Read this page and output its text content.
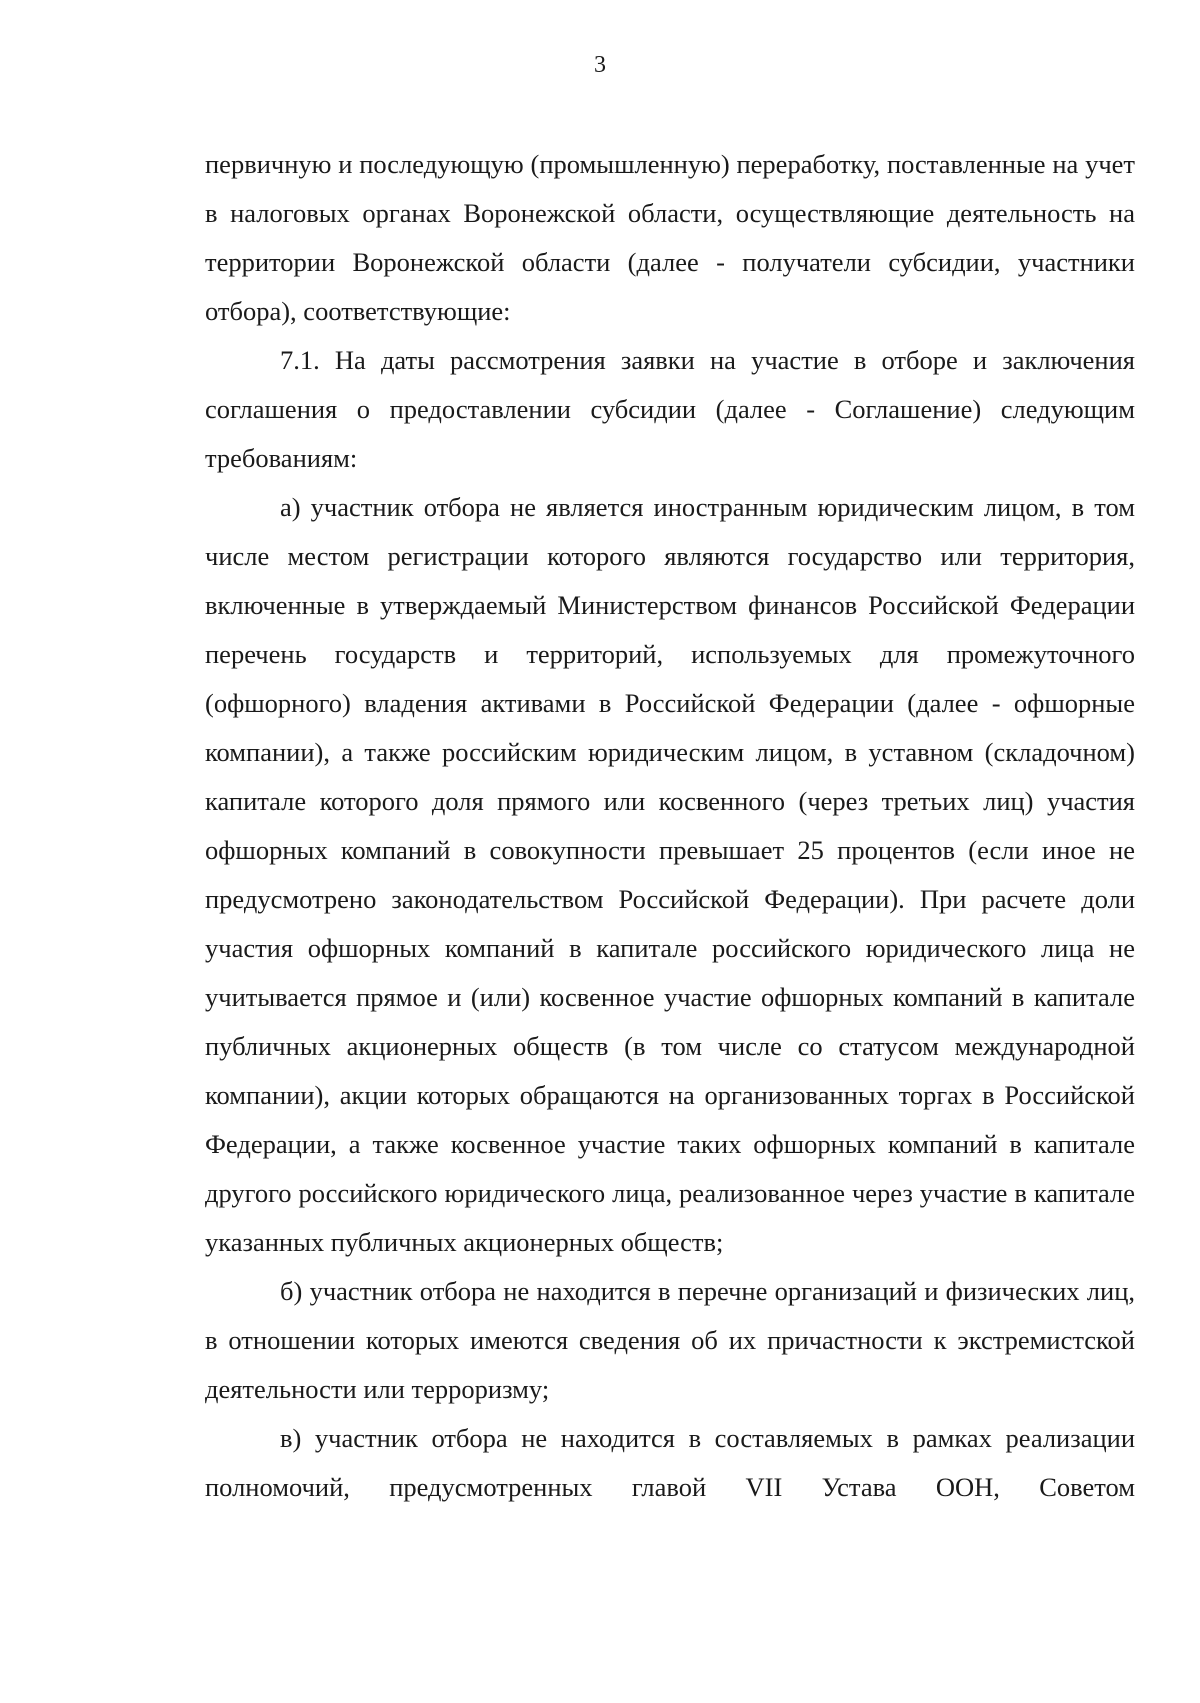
3

первичную и последующую (промышленную) переработку, поставленные на учет в налоговых органах Воронежской области, осуществляющие деятельность на территории Воронежской области (далее - получатели субсидии, участники отбора), соответствующие:

7.1. На даты рассмотрения заявки на участие в отборе и заключения соглашения о предоставлении субсидии (далее - Соглашение) следующим требованиям:

а) участник отбора не является иностранным юридическим лицом, в том числе местом регистрации которого являются государство или территория, включенные в утверждаемый Министерством финансов Российской Федерации перечень государств и территорий, используемых для промежуточного (офшорного) владения активами в Российской Федерации (далее - офшорные компании), а также российским юридическим лицом, в уставном (складочном) капитале которого доля прямого или косвенного (через третьих лиц) участия офшорных компаний в совокупности превышает 25 процентов (если иное не предусмотрено законодательством Российской Федерации). При расчете доли участия офшорных компаний в капитале российского юридического лица не учитывается прямое и (или) косвенное участие офшорных компаний в капитале публичных акционерных обществ (в том числе со статусом международной компании), акции которых обращаются на организованных торгах в Российской Федерации, а также косвенное участие таких офшорных компаний в капитале другого российского юридического лица, реализованное через участие в капитале указанных публичных акционерных обществ;

б) участник отбора не находится в перечне организаций и физических лиц, в отношении которых имеются сведения об их причастности к экстремистской деятельности или терроризму;

в) участник отбора не находится в составляемых в рамках реализации полномочий, предусмотренных главой VII Устава ООН, Советом
